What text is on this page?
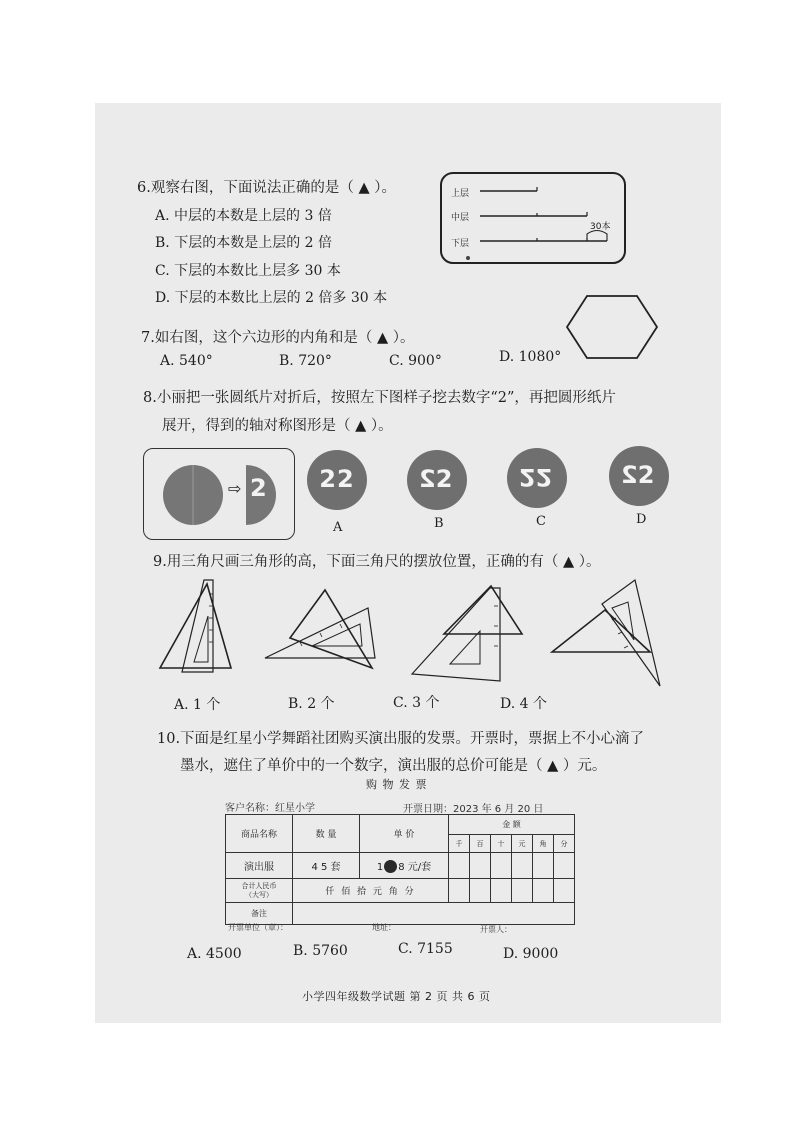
6.观察右图，下面说法正确的是（ ▲ ）。
A. 中层的本数是上层的 3 倍
B. 下层的本数是上层的 2 倍
C. 下层的本数比上层多 30 本
D. 下层的本数比上层的 2 倍多 30 本
上层
中层
下层
30本
7.如右图，这个六边形的内角和是（ ▲ ）。
A. 540°	B. 720°	C. 900°	D. 1080°
8.小丽把一张圆纸片对折后，按照左下图样子挖去数字“2”，再把圆形纸片
展开，得到的轴对称图形是（ ▲ ）。
⇨ 2	22
A
22
B
22
C
22
D
9.用三角尺画三角形的高，下面三角尺的摆放位置，正确的有（ ▲ ）。
A. 1 个	B. 2 个	C. 3 个	D. 4 个
10.下面是红星小学舞蹈社团购买演出服的发票。开票时，票据上不小心滴了
墨水，遮住了单价中的一个数字，演出服的总价可能是（ ▲ ）元。
购 物 发 票
客户名称：红星小学	开票日期：2023 年 6 月 20 日
商品名称	数 量	单 价	金 额					
			千	百	十	元	角	分
演出服	4 5 套	1 8 元/套						

合计人民币
（大写）	仟 佰 拾 元 角 分							
备注								
开票单位（章）：	地址：	开票人：
A. 4500	B. 5760	C. 7155	D. 9000
小学四年级数学试题 第 2 页 共 6 页
